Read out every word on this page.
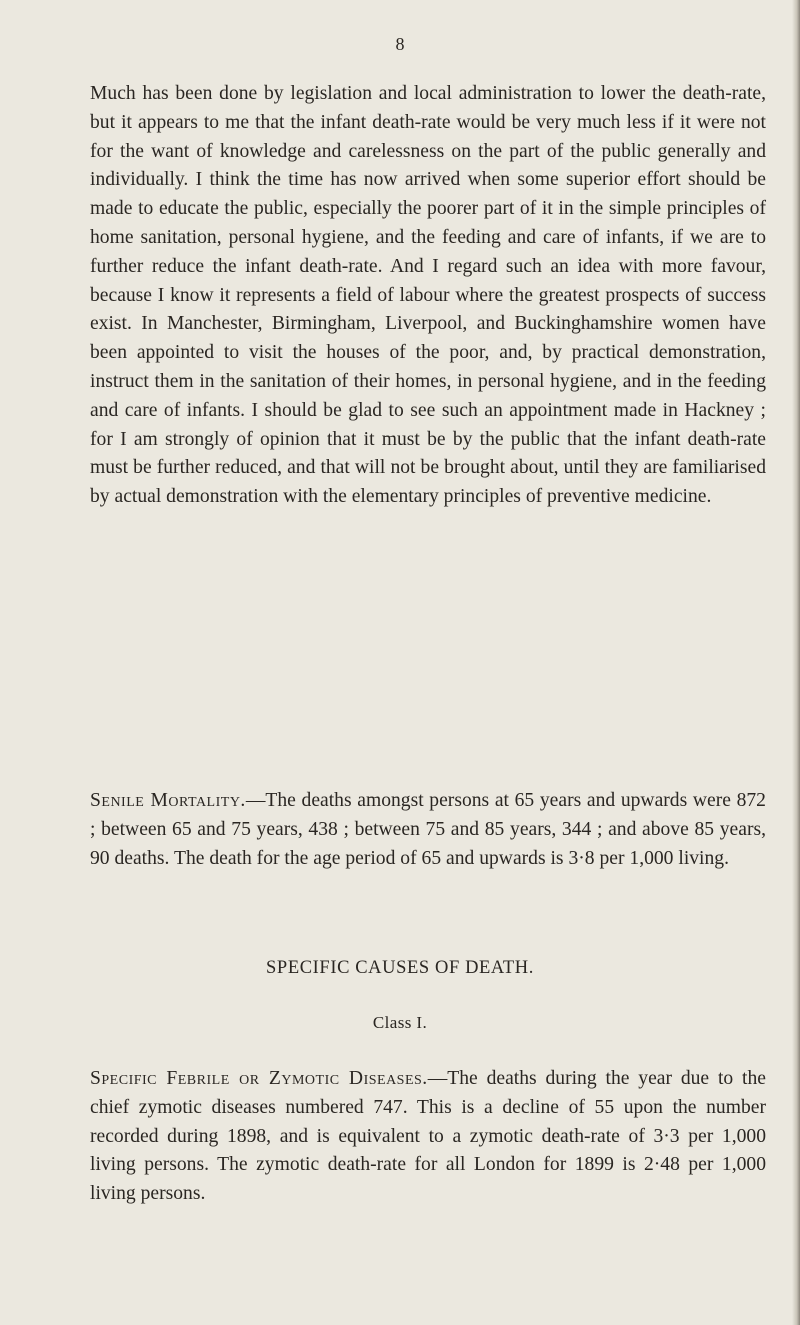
8

Much has been done by legislation and local administration to lower the death-rate, but it appears to me that the infant death-rate would be very much less if it were not for the want of knowledge and carelessness on the part of the public generally and individually. I think the time has now arrived when some superior effort should be made to educate the public, especially the poorer part of it in the simple principles of home sanitation, personal hygiene, and the feeding and care of infants, if we are to further reduce the infant death-rate. And I regard such an idea with more favour, because I know it represents a field of labour where the greatest prospects of success exist. In Manchester, Birmingham, Liverpool, and Buckinghamshire women have been appointed to visit the houses of the poor, and, by practical demonstration, instruct them in the sanitation of their homes, in personal hygiene, and in the feeding and care of infants. I should be glad to see such an appointment made in Hackney ; for I am strongly of opinion that it must be by the public that the infant death-rate must be further reduced, and that will not be brought about, until they are familiarised by actual demonstration with the elementary principles of preventive medicine.

Senile Mortality.—The deaths amongst persons at 65 years and upwards were 872 ; between 65 and 75 years, 438 ; between 75 and 85 years, 344 ; and above 85 years, 90 deaths. The death for the age period of 65 and upwards is 3·8 per 1,000 living.

SPECIFIC CAUSES OF DEATH.
Class I.

Specific Febrile or Zymotic Diseases.—The deaths during the year due to the chief zymotic diseases numbered 747. This is a decline of 55 upon the number recorded during 1898, and is equivalent to a zymotic death-rate of 3·3 per 1,000 living persons. The zymotic death-rate for all London for 1899 is 2·48 per 1,000 living persons.
